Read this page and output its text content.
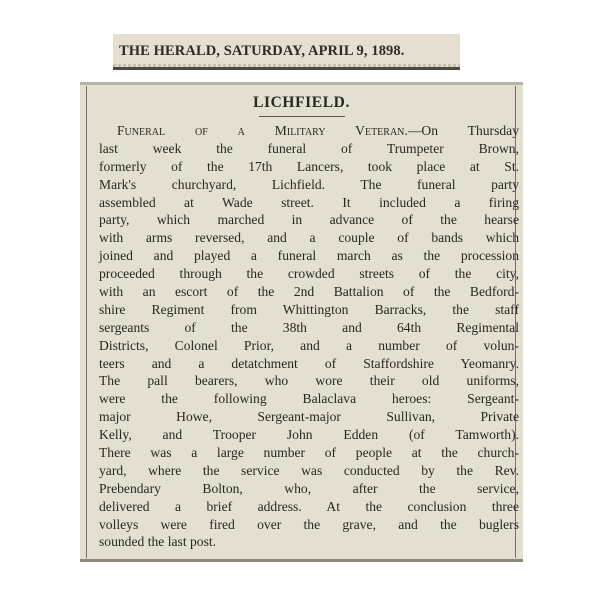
THE HERALD, SATURDAY, APRIL 9, 1898.
LICHFIELD.
Funeral of a Military Veteran.—On Thursday
last week the funeral of Trumpeter Brown,
formerly of the 17th Lancers, took place at St.
Mark's churchyard, Lichfield. The funeral party
assembled at Wade street. It included a firing
party, which marched in advance of the hearse
with arms reversed, and a couple of bands which
joined and played a funeral march as the procession
proceeded through the crowded streets of the city,
with an escort of the 2nd Battalion of the Bedford-
shire Regiment from Whittington Barracks, the staff
sergeants of the 38th and 64th Regimental
Districts, Colonel Prior, and a number of volun-
teers and a detatchment of Staffordshire Yeomanry.
The pall bearers, who wore their old uniforms,
were the following Balaclava heroes: Sergeant-
major Howe, Sergeant-major Sullivan, Private
Kelly, and Trooper John Edden (of Tamworth).
There was a large number of people at the church-
yard, where the service was conducted by the Rev.
Prebendary Bolton, who, after the service,
delivered a brief address. At the conclusion three
volleys were fired over the grave, and the buglers
sounded the last post.
